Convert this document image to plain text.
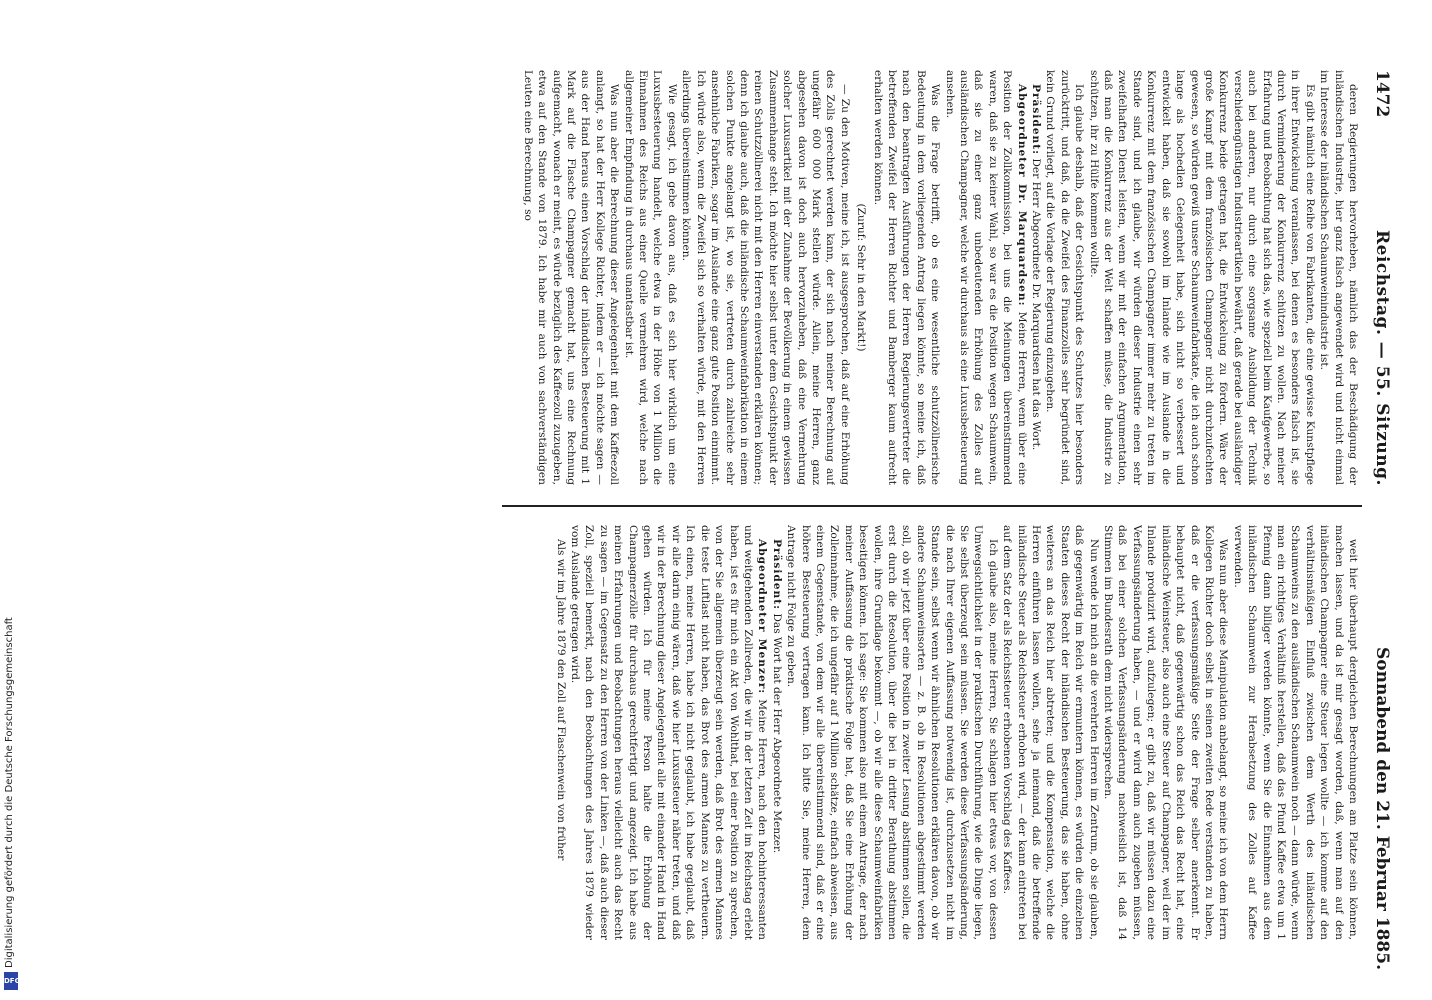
Digitalisierung gefördert durch die Deutsche Forschungsgemeinschaft
DFG
1472
Reichstag. — 55. Sitzung.
Sonnabend den 21. Februar 1885.

deren Regierungen hervorheben, nämlich das der Beschädigung der inländischen Industrie, hier ganz falsch angewendet wird und nicht einmal im Interesse der inländischen Schaumweinindustrie ist.

Es gibt nämlich eine Reihe von Fabrikanten, die eine gewisse Kunstpflege in ihrer Entwickelung veranlassen, bei denen es besonders falsch ist, sie durch Verminderung der Konkurrenz schützen zu wollen. Nach meiner Erfahrung und Beobachtung hat sich das, wie speziell beim Kaufgewerbe, so auch bei anderen, nur durch eine sorgsame Ausbildung der Technik verschiedengünstigen Industrieartikeln bewährt, daß gerade bei ausländiger Konkurrenz beide getragen hat, die Entwickelung zu fördern. Wäre der große Kampf mit dem französischen Champagner nicht durchzufechten gewesen, so würden gewiß unsere Schaumweinfabrikate, die ich auch schon lange als hochedlen Gelegenheit habe, sich nicht so verbessert und entwickelt haben, daß sie sowohl im Inlande wie im Auslande in die Konkurrenz mit dem französischen Champagner immer mehr zu treten im Stande sind, und ich glaube, wir würden dieser Industrie einen sehr zweifelhaften Dienst leisten, wenn wir mit der einfachen Argumentation, daß man die Konkurrenz aus der Welt schaffen müsse, die Industrie zu schützen, ihr zu Hülfe kommen wollte.

Ich glaube deshalb, daß der Gesichtspunkt des Schutzes hier besonders zurücktritt, und daß, da die Zweifel des Finanzzolles sehr begründet sind, kein Grund vorliegt, auf die Vorlage der Regierung einzugehen.

Präsident: Der Herr Abgeordnete Dr. Marquardsen hat das Wort.

Abgeordneter Dr. Marquardsen: Meine Herren, wenn über eine Position der Zollkommission, bei uns die Meinungen übereinstimmend waren, daß sie zu keiner Wahl, so war es die Position wegen Schaumwein, daß sie zu einer ganz unbedeutenden Erhöhung des Zolles auf ausländischen Champagner, welche wir durchaus als eine Luxusbesteuerung ansehen.

Was die Frage betrifft, ob es eine wesentliche schutzzöllnerische Bedeutung in dem vorliegenden Antrag liegen könnte, so meine ich, daß nach den beantragten Ausführungen der Herren Regierungsvertreter die betreffenden Zweifel der Herren Richter und Bamberger kaum aufrecht erhalten werden können.

(Zuruf: Sehr in den Markt!)

— Zu den Motiven, meine ich, ist ausgesprochen, daß auf eine Erhöhung des Zolls gerechnet werden kann, der sich nach meiner Berechnung auf ungefähr 600 000 Mark stellen würde. Allein, meine Herren, ganz abgesehen davon ist doch auch hervorzuheben, daß eine Vermehrung solcher Luxusartikel mit der Zunahme der Bevölkerung in einem gewissen Zusammenhange steht. Ich möchte hier selbst unter dem Gesichtspunkt der reinen Schutzzöllnerei nicht mit den Herren einverstanden erklären können; denn ich glaube auch, daß die inländische Schaumweinfabrikation in einem solchen Punkte angelangt ist, wo sie, vertreten durch zahlreiche sehr ansehnliche Fabriken, sogar im Auslande eine ganz gute Position einnimmt. Ich würde also, wenn die Zweifel sich so verhalten würde, mit den Herren allerdings übereinstimmen können.

Wie gesagt, ich gebe davon aus, daß es sich hier wirklich um eine Luxusbesteuerung handelt, welche etwa in der Höhe von 1 Million die Einnahmen des Reichs aus einer Quelle vermehren wird, welche nach allgemeiner Empfindung in durchaus unantastbar ist.

Was nun aber die Berechnung dieser Angelegenheit mit dem Kaffeezoll anlangt, so hat der Herr Kollege Richter, indem er — ich möchte sagen — aus der Hand heraus einen Vorschlag der inländischen Besteuerung mit 1 Mark auf die Flasche Champagner gemacht hat, uns eine Rechnung aufgemacht, wonach er meint, es würde bezüglich des Kaffeezoll zuzugeben, etwa auf den Stande von 1879. Ich habe mir auch von sachverständigen Leuten eine Berechnung, so

weit hier überhaupt dergleichen Berechnungen am Platze sein können, machen lassen, und da ist mir gesagt worden, daß, wenn man auf den inländischen Champagner eine Steuer legen wollte — ich komme auf den verhältnismäßigen Einfluß zwischen dem Werth des inländischen Schaumweins zu den ausländischen Schaumwein noch — dann würde, wenn man ein richtiges Verhältniß herstellen, daß das Pfund Kaffee etwa um 1 Pfennig dann billiger werden könnte, wenn Sie die Einnahmen aus dem inländischen Schaumwein zur Herabsetzung des Zolles auf Kaffee verwenden.

Was nun aber diese Manipulation anbelangt, so meine ich von dem Herrn Kollegen Richter doch selbst in seinen zweiten Rede verstanden zu haben, daß er die verfassungsmäßige Seite der Frage selber anerkennt. Er behauptet nicht, daß gegenwärtig schon das Reich das Recht hat, eine inländische Weinsteuer, also auch eine Steuer auf Champagner, weil der im Inlande produzirt wird, aufzulegen; er gibt zu, daß wir müssen dazu eine Verfassungsänderung haben, — und er wird dann auch zugeben müssen, daß bei einer solchen Verfassungsänderung nachweislich ist, daß 14 Stimmen im Bundesrath dem nicht widersprechen.

Nun wende ich mich an die verehrten Herren im Zentrum, ob sie glauben, daß gegenwärtig im Reich wir ermuntern können, es würden die einzelnen Staaten dieses Recht der inländischen Besteuerung, das sie haben, ohne weiteres an das Reich hier abtreten; und die Kompensation, welche die Herren einführen lassen wollen, sehe ja niemand, daß die betreffende inländische Steuer als Reichssteuer erhoben wird, — der kann eintreten bei auf dem Satz der als Reichssteuer erhobenen Vorschlag des Kaffees.

Ich glaube also, meine Herren, Sie schlagen hier etwas vor, von dessen Umwegsichtlichkeit in der praktischen Durchführung, wie die Dinge liegen, Sie selbst überzeugt sein müssen. Sie werden diese Verfassungsänderung, die nach Ihrer eigenen Auffassung notwendig ist, durchzusetzen nicht im Stande sein, selbst wenn wir ähnlichen Resolutionen erklären davon, ob wir andere Schaumweinsorten — z. B. ob in Resolutionen abgestimmt werden soll, ob wir jetzt über eine Position in zweiter Lesung abstimmen sollen, die erst durch die Resolution, über die bei in dritter Berathung abstimmen wollen, ihre Grundlage bekommt —, ob wir alle diese Schaumweinfabriken beseitigen können. Ich sage: Sie kommen also mit einem Antrage, der nach meiner Auffassung die praktische Folge hat, daß Sie eine Erhöhung der Zolleinnahme, die ich ungefähr auf 1 Million schätze, einfach abweisen, aus einem Gegenstande, von dem wir alle übereinstimmend sind, daß er eine höhere Besteuerung vertragen kann. Ich bitte Sie, meine Herren, dem Antrage nicht Folge zu geben.

Präsident: Das Wort hat der Herr Abgeordnete Menzer.

Abgeordneter Menzer: Meine Herren, nach den hochinteressanten und weitgehenden Zollreden, die wir in der letzten Zeit im Reichstag erlebt haben, ist es für mich ein Akt von Wohlthat, bei einer Position zu sprechen, von der Sie allgemein überzeugt sein werden, daß Brot des armen Mannes die teste Luftlast nicht haben, das Brot des armen Mannes zu vertheuern. Ich einen, meine Herren, habe ich nicht geglaubt, ich habe geglaubt, daß wir alle darin einig wären, daß wie hier Luxussteuer näher treten, und daß wir in der Berechnung dieser Angelegenheit alle mit einander Hand in Hand gehen würden. Ich für meine Person halte die Erhöhung der Champagnerzölle für durchaus gerechtfertigt und angezeigt. Ich habe aus meinen Erfahrungen und Beobachtungen heraus vielleicht auch das Recht zu sagen — im Gegensatz zu den Herren von der Linken —, daß auch dieser Zoll, speziell bemerkt, nach den Beobachtungen des Jahres 1879 wieder vom Auslande getragen wird.

Als wir im Jahre 1879 den Zoll auf Flaschenwein von früher
